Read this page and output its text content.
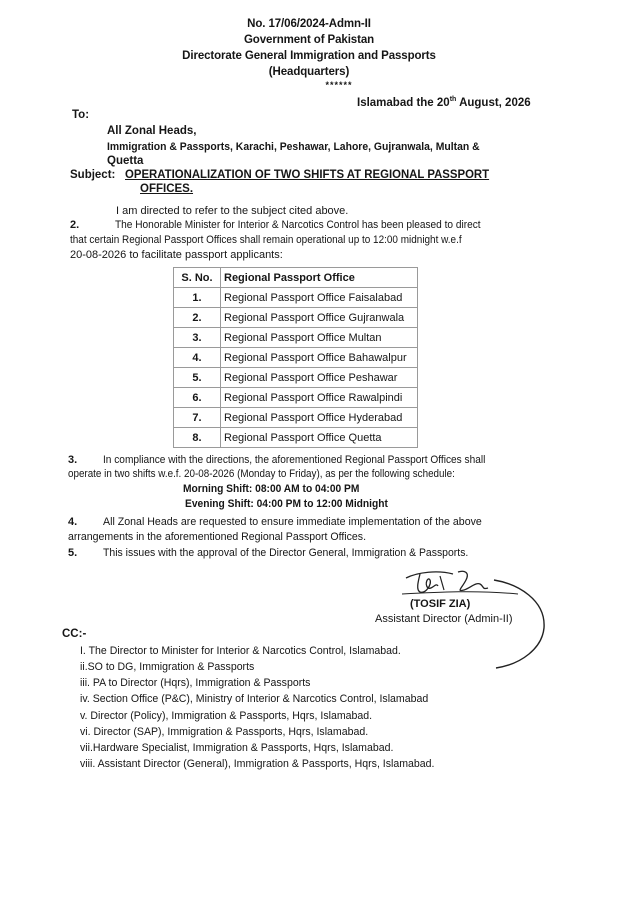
No. 17/06/2024-Admn-II
Government of Pakistan
Directorate General Immigration and Passports
(Headquarters)
******
Islamabad the 20th August, 2026
To:
All Zonal Heads,
Immigration & Passports, Karachi, Peshawar, Lahore, Gujranwala, Multan &
Quetta
Subject: OPERATIONALIZATION OF TWO SHIFTS AT REGIONAL PASSPORT
OFFICES.
I am directed to refer to the subject cited above.
2.	The Honorable Minister for Interior & Narcotics Control has been pleased to direct
that certain Regional Passport Offices shall remain operational up to 12:00 midnight w.e.f
20-08-2026 to facilitate passport applicants:
S. No.	Regional Passport Office
1.	Regional Passport Office Faisalabad
2.	Regional Passport Office Gujranwala
3.	Regional Passport Office Multan
4.	Regional Passport Office Bahawalpur
5.	Regional Passport Office Peshawar
6.	Regional Passport Office Rawalpindi
7.	Regional Passport Office Hyderabad
8.	Regional Passport Office Quetta
3. In compliance with the directions, the aforementioned Regional Passport Offices shall
operate in two shifts w.e.f. 20-08-2026 (Monday to Friday), as per the following schedule:
Morning Shift: 08:00 AM to 04:00 PM
Evening Shift: 04:00 PM to 12:00 Midnight
4. All Zonal Heads are requested to ensure immediate implementation of the above
arrangements in the aforementioned Regional Passport Offices.
5. This issues with the approval of the Director General, Immigration & Passports.
(TOSIF ZIA)
Assistant Director (Admin-II)
CC:-
I. The Director to Minister for Interior & Narcotics Control, Islamabad.
ii.SO to DG, Immigration & Passports
iii. PA to Director (Hqrs), Immigration & Passports
iv. Section Office (P&C), Ministry of Interior & Narcotics Control, Islamabad
v. Director (Policy), Immigration & Passports, Hqrs, Islamabad.
vi. Director (SAP), Immigration & Passports, Hqrs, Islamabad.
vii.Hardware Specialist, Immigration & Passports, Hqrs, Islamabad.
viii. Assistant Director (General), Immigration & Passports, Hqrs, Islamabad.
